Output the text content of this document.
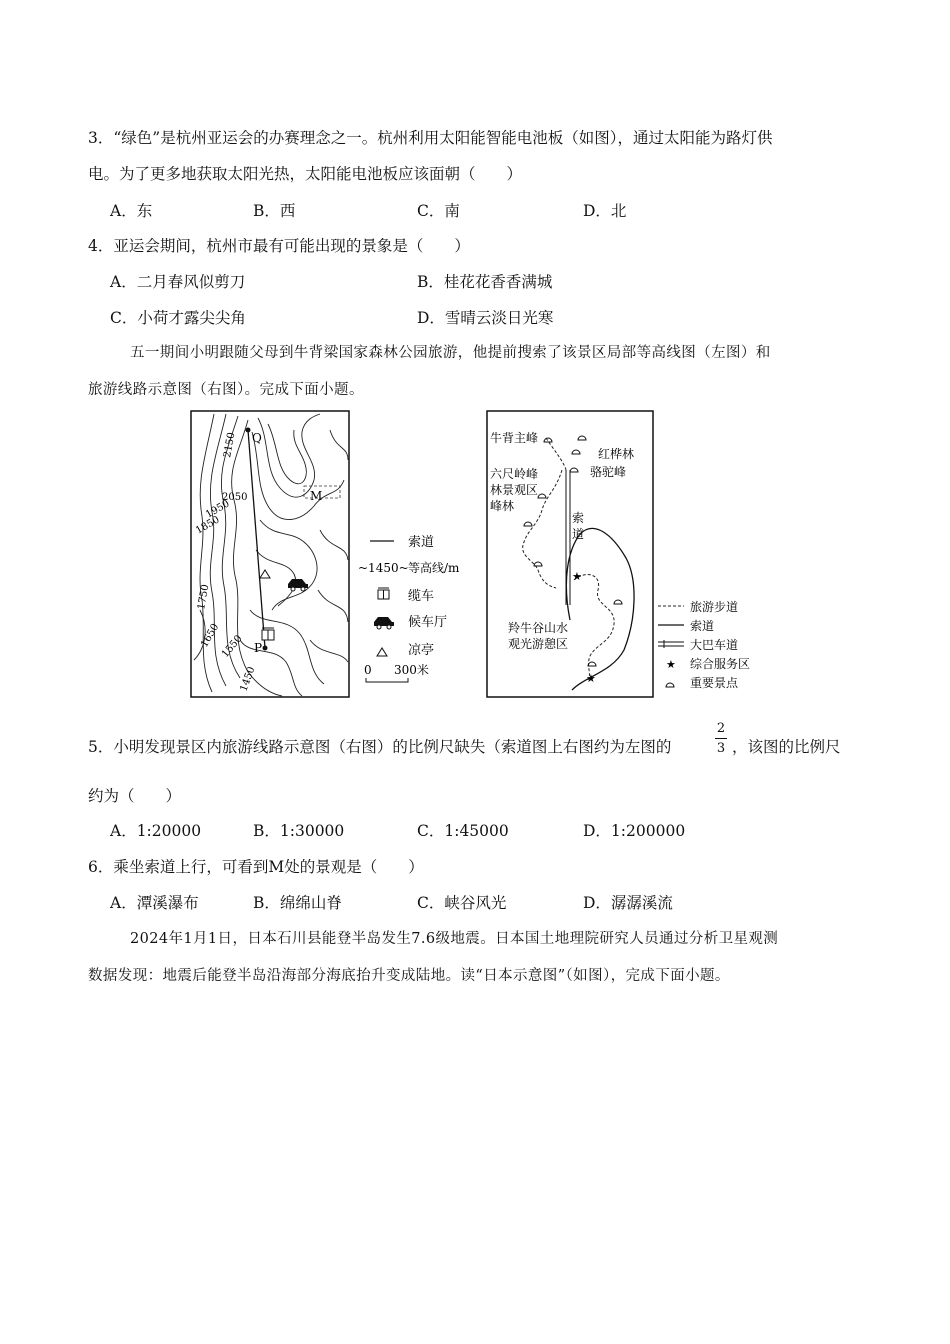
3．“绿色”是杭州亚运会的办赛理念之一。杭州利用太阳能智能电池板（如图），通过太阳能为路灯供
电。为了更多地获取太阳光热，太阳能电池板应该面朝（　　）
A．东	B．西	C．南	D．北
4．亚运会期间，杭州市最有可能出现的景象是（　　）
A．二月春风似剪刀	B．桂花花香香满城
C．小荷才露尖尖角	D．雪晴云淡日光寒
五一期间小明跟随父母到牛背梁国家森林公园旅游，他提前搜索了该景区局部等高线图（左图）和
旅游线路示意图（右图）。完成下面小题。
2150
2050
1950
1850
1750
1650
1550
1450
Q
M
P
索道
~1450~ 等高线/m
缆车
候车厅
凉亭
0 300米
★
★
牛背主峰
红桦林
骆驼峰
六尺岭峰
林景观区
峰林
索
道
羚牛谷山水
观光游憩区
旅游步道
索道
大巴车道
★ 综合服务区
重要景点
5．小明发现景区内旅游线路示意图（右图）的比例尺缺失（索道图上右图约为左图的
2
3 ，该图的比例尺
约为（　　）
A．1:20000	B．1:30000	C．1:45000	D．1:200000
6．乘坐索道上行，可看到M处的景观是（　　）
A．潭溪瀑布	B．绵绵山脊	C．峡谷风光	D．潺潺溪流
2024年1月1日，日本石川县能登半岛发生7.6级地震。日本国土地理院研究人员通过分析卫星观测
数据发现：地震后能登半岛沿海部分海底抬升变成陆地。读“日本示意图”（如图），完成下面小题。
